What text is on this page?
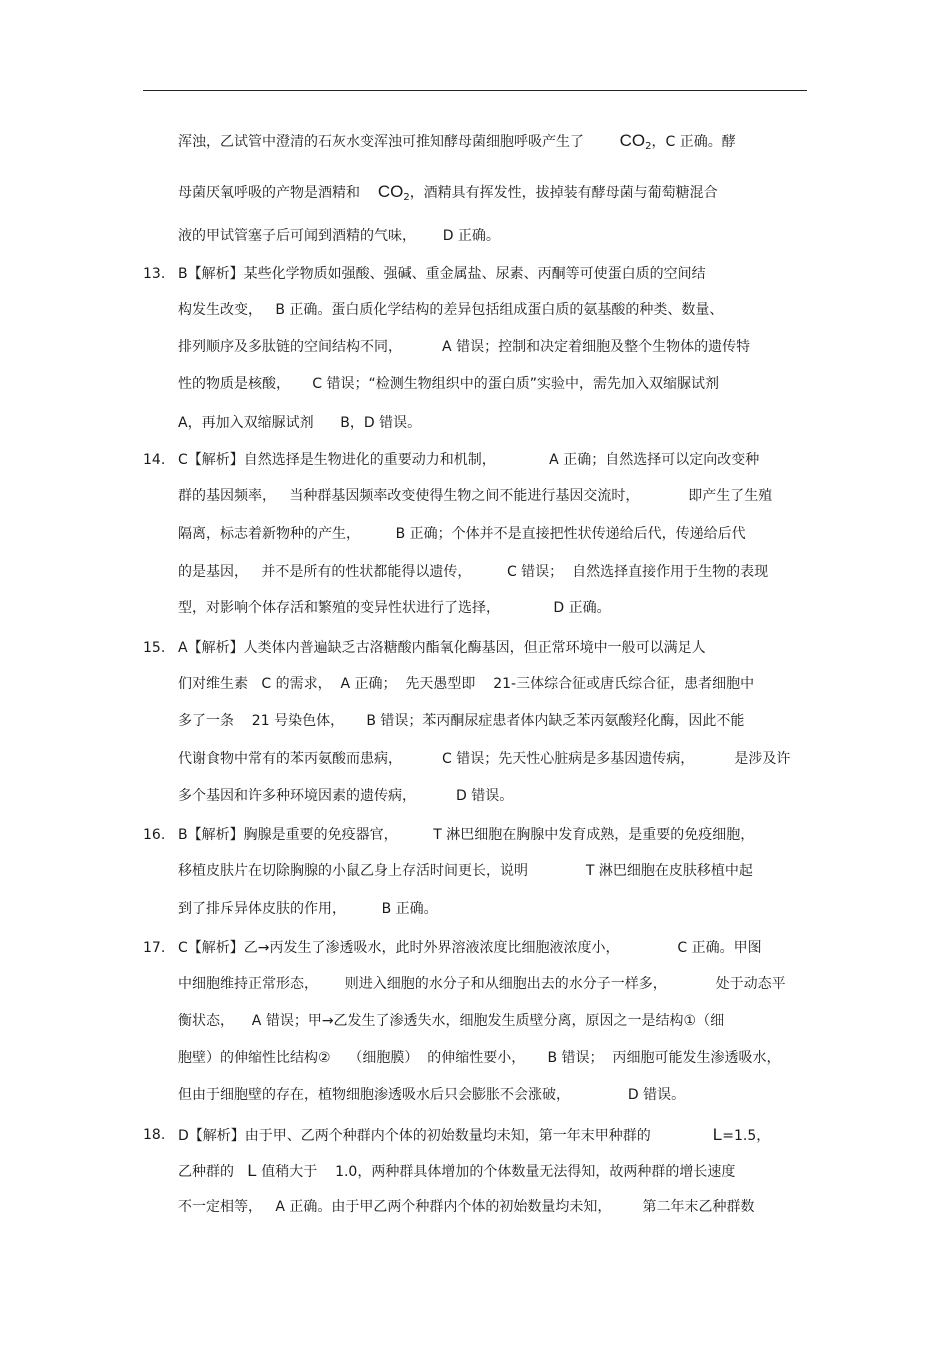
浑浊，乙试管中澄清的石灰水变浑浊可推知酵母菌细胞呼吸产生了 $CO_2$，C 正确。酵
母菌厌氧呼吸的产物是酒精和 $CO_2$，酒精具有挥发性，拔掉装有酵母菌与葡萄糖混合
液的甲试管塞子后可闻到酒精的气味， D 正确。
13. B【解析】某些化学物质如强酸、强碱、重金属盐、尿素、丙酮等可使蛋白质的空间结
构发生改变，   B 正确。蛋白质化学结构的差异包括组成蛋白质的氨基酸的种类、数量、
排列顺序及多肽链的空间结构不同，         A 错误；控制和决定着细胞及整个生物体的遗传特
性的物质是核酸，     C 错误；“检测生物组织中的蛋白质”实验中，需先加入双缩脲试剂
A，再加入双缩脲试剂      B，D 错误。
14. C【解析】自然选择是生物进化的重要动力和机制，            A 正确；自然选择可以定向改变种
群的基因频率，   当种群基因频率改变使得生物之间不能进行基因交流时，           即产生了生殖
隔离，标志着新物种的产生，        B 正确；个体并不是直接把性状传递给后代，传递给后代
的是基因，   并不是所有的性状都能得以遗传，        C 错误；  自然选择直接作用于生物的表现
型，对影响个体存活和繁殖的变异性状进行了选择，            D 正确。
15. A【解析】人类体内普遍缺乏古洛糖酸内酯氧化酶基因，但正常环境中一般可以满足人
们对维生素   C 的需求，  A 正确；  先天愚型即    21-三体综合征或唐氏综合征，患者细胞中
多了一条    21 号染色体，     B 错误；苯丙酮尿症患者体内缺乏苯丙氨酸羟化酶，因此不能
代谢食物中常有的苯丙氨酸而患病，         C 错误；先天性心脏病是多基因遗传病，         是涉及许
多个基因和许多种环境因素的遗传病，         D 错误。
16. B【解析】胸腺是重要的免疫器官，        T 淋巴细胞在胸腺中发育成熟，是重要的免疫细胞，
移植皮肤片在切除胸腺的小鼠乙身上存活时间更长，说明             T 淋巴细胞在皮肤移植中起
到了排斥异体皮肤的作用，        B 正确。
17. C【解析】乙→丙发生了渗透吸水，此时外界溶液浓度比细胞液浓度小，             C 正确。甲图
中细胞维持正常形态，      则进入细胞的水分子和从细胞出去的水分子一样多，           处于动态平
衡状态，    A 错误；甲→乙发生了渗透失水，细胞发生质壁分离，原因之一是结构①（细
胞壁）的伸缩性比结构②    （细胞膜）  的伸缩性要小，     B 错误；  丙细胞可能发生渗透吸水，
但由于细胞壁的存在，植物细胞渗透吸水后只会膨胀不会涨破，             D 错误。
18. D【解析】由于甲、乙两个种群内个体的初始数量均未知，第一年末甲种群的	L=1.5，
乙种群的   L 值稍大于    1.0，两种群具体增加的个体数量无法得知，故两种群的增长速度
不一定相等，   A 正确。由于甲乙两个种群内个体的初始数量均未知，       第二年末乙种群数
